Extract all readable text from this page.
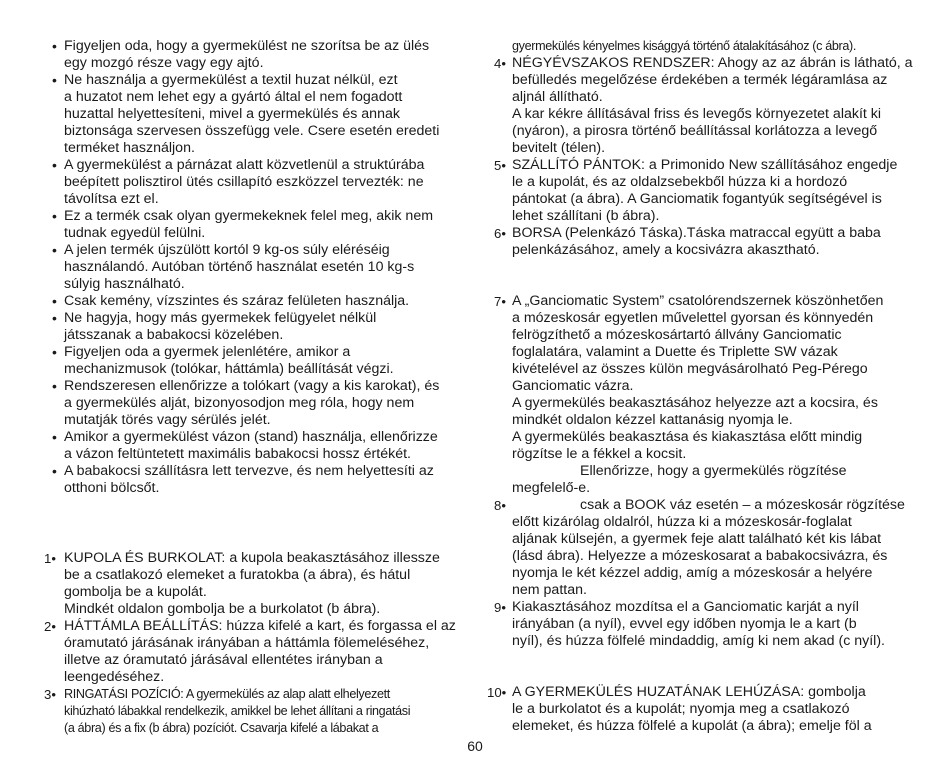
• Figyeljen oda, hogy a gyermekülést ne szorítsa be az ülés
egy mozgó része vagy egy ajtó.
• Ne használja a gyermekülést a textil huzat nélkül, ezt
a huzatot nem lehet egy a gyártó által el nem fogadott
huzattal helyettesíteni, mivel a gyermekülés és annak
biztonsága szervesen összefügg vele. Csere esetén eredeti
terméket használjon.
• A gyermekülést a párnázat alatt közvetlenül a struktúrába
beépített polisztirol ütés csillapító eszközzel tervezték: ne
távolítsa ezt el.
• Ez a termék csak olyan gyermekeknek felel meg, akik nem
tudnak egyedül felülni.
• A jelen termék újszülött kortól 9 kg-os súly eléréséig
használandó. Autóban történő használat esetén 10 kg-s
súlyig használható.
• Csak kemény, vízszintes és száraz felületen használja.
• Ne hagyja, hogy más gyermekek felügyelet nélkül
játsszanak a babakocsi közelében.
• Figyeljen oda a gyermek jelenlétére, amikor a
mechanizmusok (tolókar, háttámla) beállítását végzi.
• Rendszeresen ellenőrizze a tolókart (vagy a kis karokat), és
a gyermekülés alját, bizonyosodjon meg róla, hogy nem
mutatják törés vagy sérülés jelét.
• Amikor a gyermekülést vázon (stand) használja, ellenőrizze
a vázon feltüntetett maximális babakocsi hossz értékét.
• A babakocsi szállításra lett tervezve, és nem helyettesíti az
otthoni bölcsőt.
1• KUPOLA ÉS BURKOLAT: a kupola beakasztásához illessze
be a csatlakozó elemeket a furatokba (a ábra), és hátul
gombolja be a kupolát.
Mindkét oldalon gombolja be a burkolatot (b ábra).
2• HÁTTÁMLA BEÁLLÍTÁS: húzza kifelé a kart, és forgassa el az
óramutató járásának irányában a háttámla fölemeléséhez,
illetve az óramutató járásával ellentétes irányban a
leengedéséhez.
3• RINGATÁSI POZÍCIÓ: A gyermekülés az alap alatt elhelyezett
kihúzható lábakkal rendelkezik, amikkel be lehet állítani a ringatási
(a ábra) és a fix (b ábra) pozíciót. Csavarja kifelé a lábakat a
gyermekülés kényelmes kisággyá történő átalakításához (c ábra).
4• NÉGYÉVSZAKOS RENDSZER: Ahogy az az ábrán is látható, a
befülledés megelőzése érdekében a termék légáramlása az
aljnál állítható.
A kar kékre állításával friss és levegős környezetet alakít ki
(nyáron), a pirosra történő beállítással korlátozza a levegő
bevitelt (télen).
5• SZÁLLÍTÓ PÁNTOK: a Primonido New szállításához engedje
le a kupolát, és az oldalzsebekből húzza ki a hordozó
pántokat (a ábra). A Ganciomatik fogantyúk segítségével is
lehet szállítani (b ábra).
6• BORSA (Pelenkázó Táska).Táska matraccal együtt a baba
pelenkázásához, amely a kocsivázra akasztható.
7• A „Ganciomatic System” csatolórendszernek köszönhetően
a mózeskosár egyetlen művelettel gyorsan és könnyedén
felrögzíthető a mózeskosártartó állvány Ganciomatic
foglalatára, valamint a Duette és Triplette SW vázak
kivételével az összes külön megvásárolható Peg-Pérego
Ganciomatic vázra.
A gyermekülés beakasztásához helyezze azt a kocsira, és
mindkét oldalon kézzel kattanásig nyomja le.
A gyermekülés beakasztása és kiakasztása előtt mindig
rögzítse le a fékkel a kocsit.
Ellenőrizze, hogy a gyermekülés rögzítése
megfelelő-e.
8•	csak a BOOK váz esetén – a mózeskosár rögzítése
előtt kizárólag oldalról, húzza ki a mózeskosár-foglalat
aljának külsején, a gyermek feje alatt található két kis lábat
(lásd ábra). Helyezze a mózeskosarat a babakocsivázra, és
nyomja le két kézzel addig, amíg a mózeskosár a helyére
nem pattan.
9• Kiakasztásához mozdítsa el a Ganciomatic karját a nyíl
irányában (a nyíl), evvel egy időben nyomja le a kart (b
nyíl), és húzza fölfelé mindaddig, amíg ki nem akad (c nyíl).
10• A GYERMEKÜLÉS HUZATÁNAK LEHÚZÁSA: gombolja
le a burkolatot és a kupolát; nyomja meg a csatlakozó
elemeket, és húzza fölfelé a kupolát (a ábra); emelje föl a
60
